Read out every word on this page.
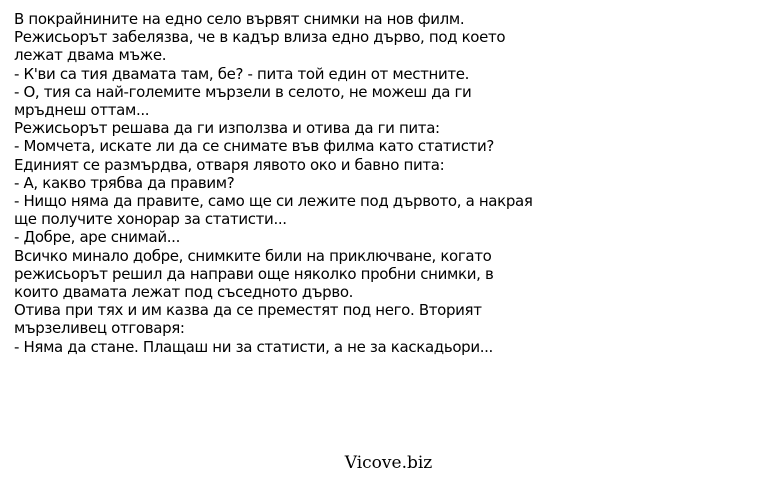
В покрайнините на едно село вървят снимки на нов филм.
Режисьорът забелязва, че в кадър влиза едно дърво, под което
лежат двама мъже.
- К'ви са тия двамата там, бе? - пита той един от местните.
- О, тия са най-големите мързели в селото, не можеш да ги
мръднеш оттам...
Режисьорът решава да ги използва и отива да ги пита:
- Момчета, искате ли да се снимате във филма като статисти?
Единият се размърдва, отваря лявото око и бавно пита:
- А, какво трябва да правим?
- Нищо няма да правите, само ще си лежите под дървото, а накрая
ще получите хонорар за статисти...
- Добре, аре снимай...
Всичко минало добре, снимките били на приключване, когато
режисьорът решил да направи още няколко пробни снимки, в
които двамата лежат под съседното дърво.
Отива при тях и им казва да се преместят под него. Вторият
мързеливец отговаря:
- Няма да стане. Плащаш ни за статисти, а не за каскадьори...
Vicove.biz
